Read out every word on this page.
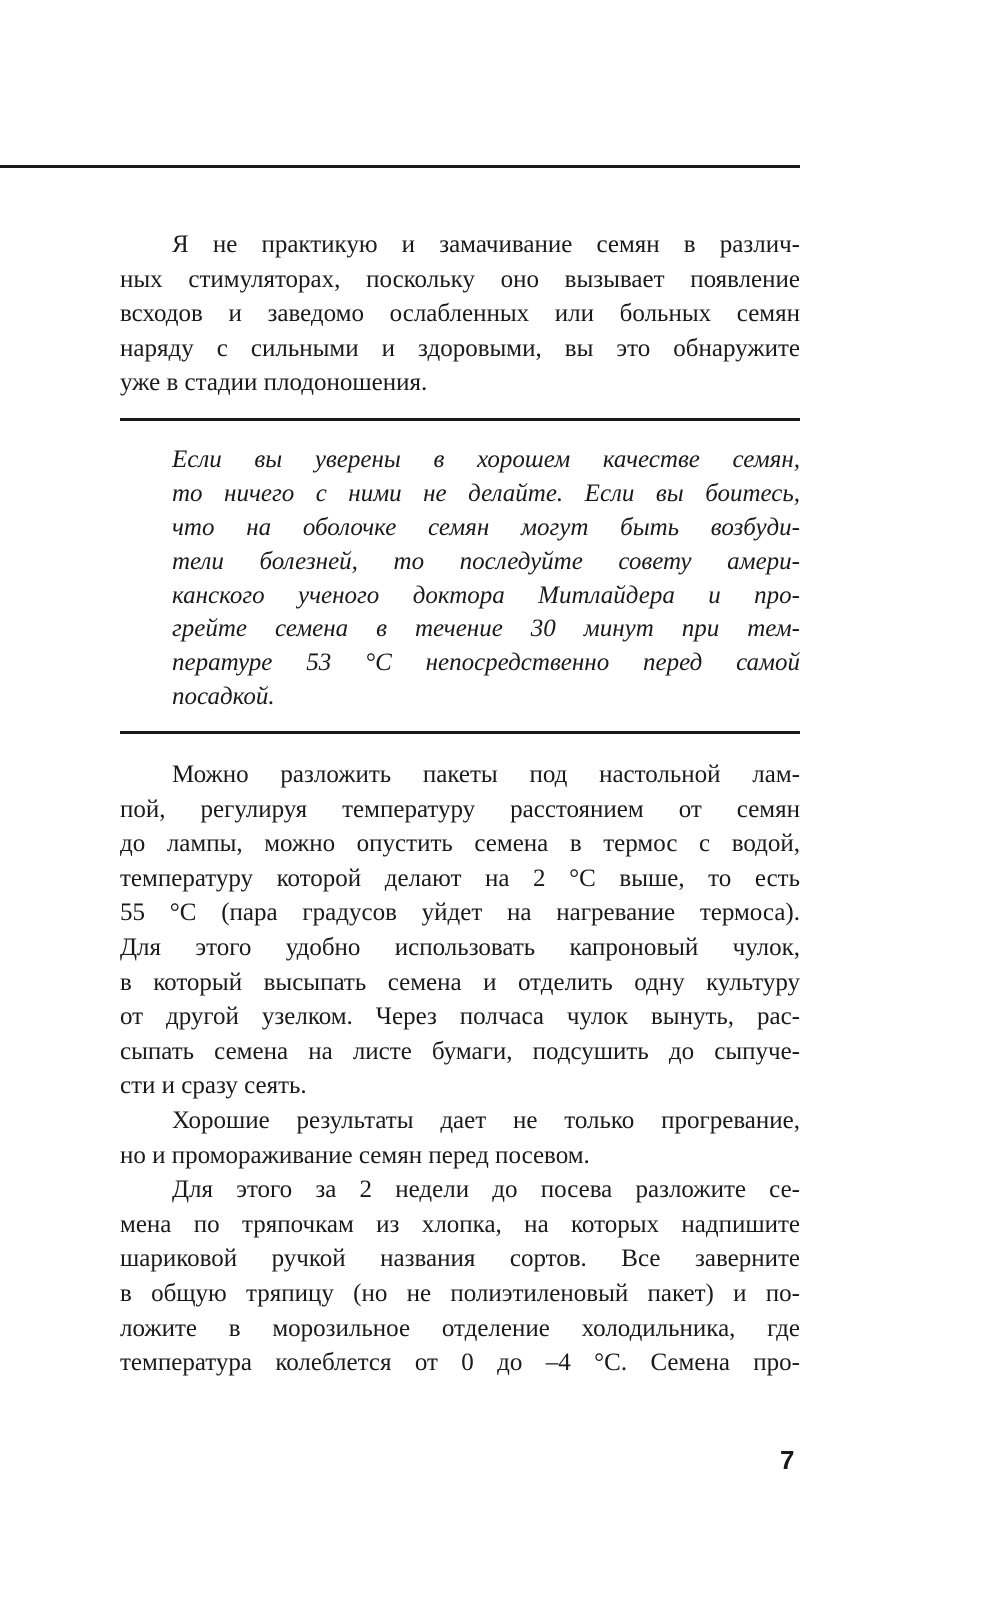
Я не практикую и замачивание семян в различ-
ных стимуляторах, поскольку оно вызывает появление
всходов и заведомо ослабленных или больных семян
наряду с сильными и здоровыми, вы это обнаружите
уже в стадии плодоношения.
Если вы уверены в хорошем качестве семян,
то ничего с ними не делайте. Если вы боитесь,
что на оболочке семян могут быть возбуди-
тели болезней, то последуйте совету амери-
канского ученого доктора Митлайдера и про-
грейте семена в течение 30 минут при тем-
пературе 53 °С непосредственно перед самой
посадкой.
Можно разложить пакеты под настольной лам-
пой, регулируя температуру расстоянием от семян
до лампы, можно опустить семена в термос с водой,
температуру которой делают на 2 °С выше, то есть
55 °С (пара градусов уйдет на нагревание термоса).
Для этого удобно использовать капроновый чулок,
в который высыпать семена и отделить одну культуру
от другой узелком. Через полчаса чулок вынуть, рас-
сыпать семена на листе бумаги, подсушить до сыпуче-
сти и сразу сеять.
Хорошие результаты дает не только прогревание,
но и промораживание семян перед посевом.
Для этого за 2 недели до посева разложите се-
мена по тряпочкам из хлопка, на которых надпишите
шариковой ручкой названия сортов. Все заверните
в общую тряпицу (но не полиэтиленовый пакет) и по-
ложите в морозильное отделение холодильника, где
температура колеблется от 0 до –4 °С. Семена про-
7
